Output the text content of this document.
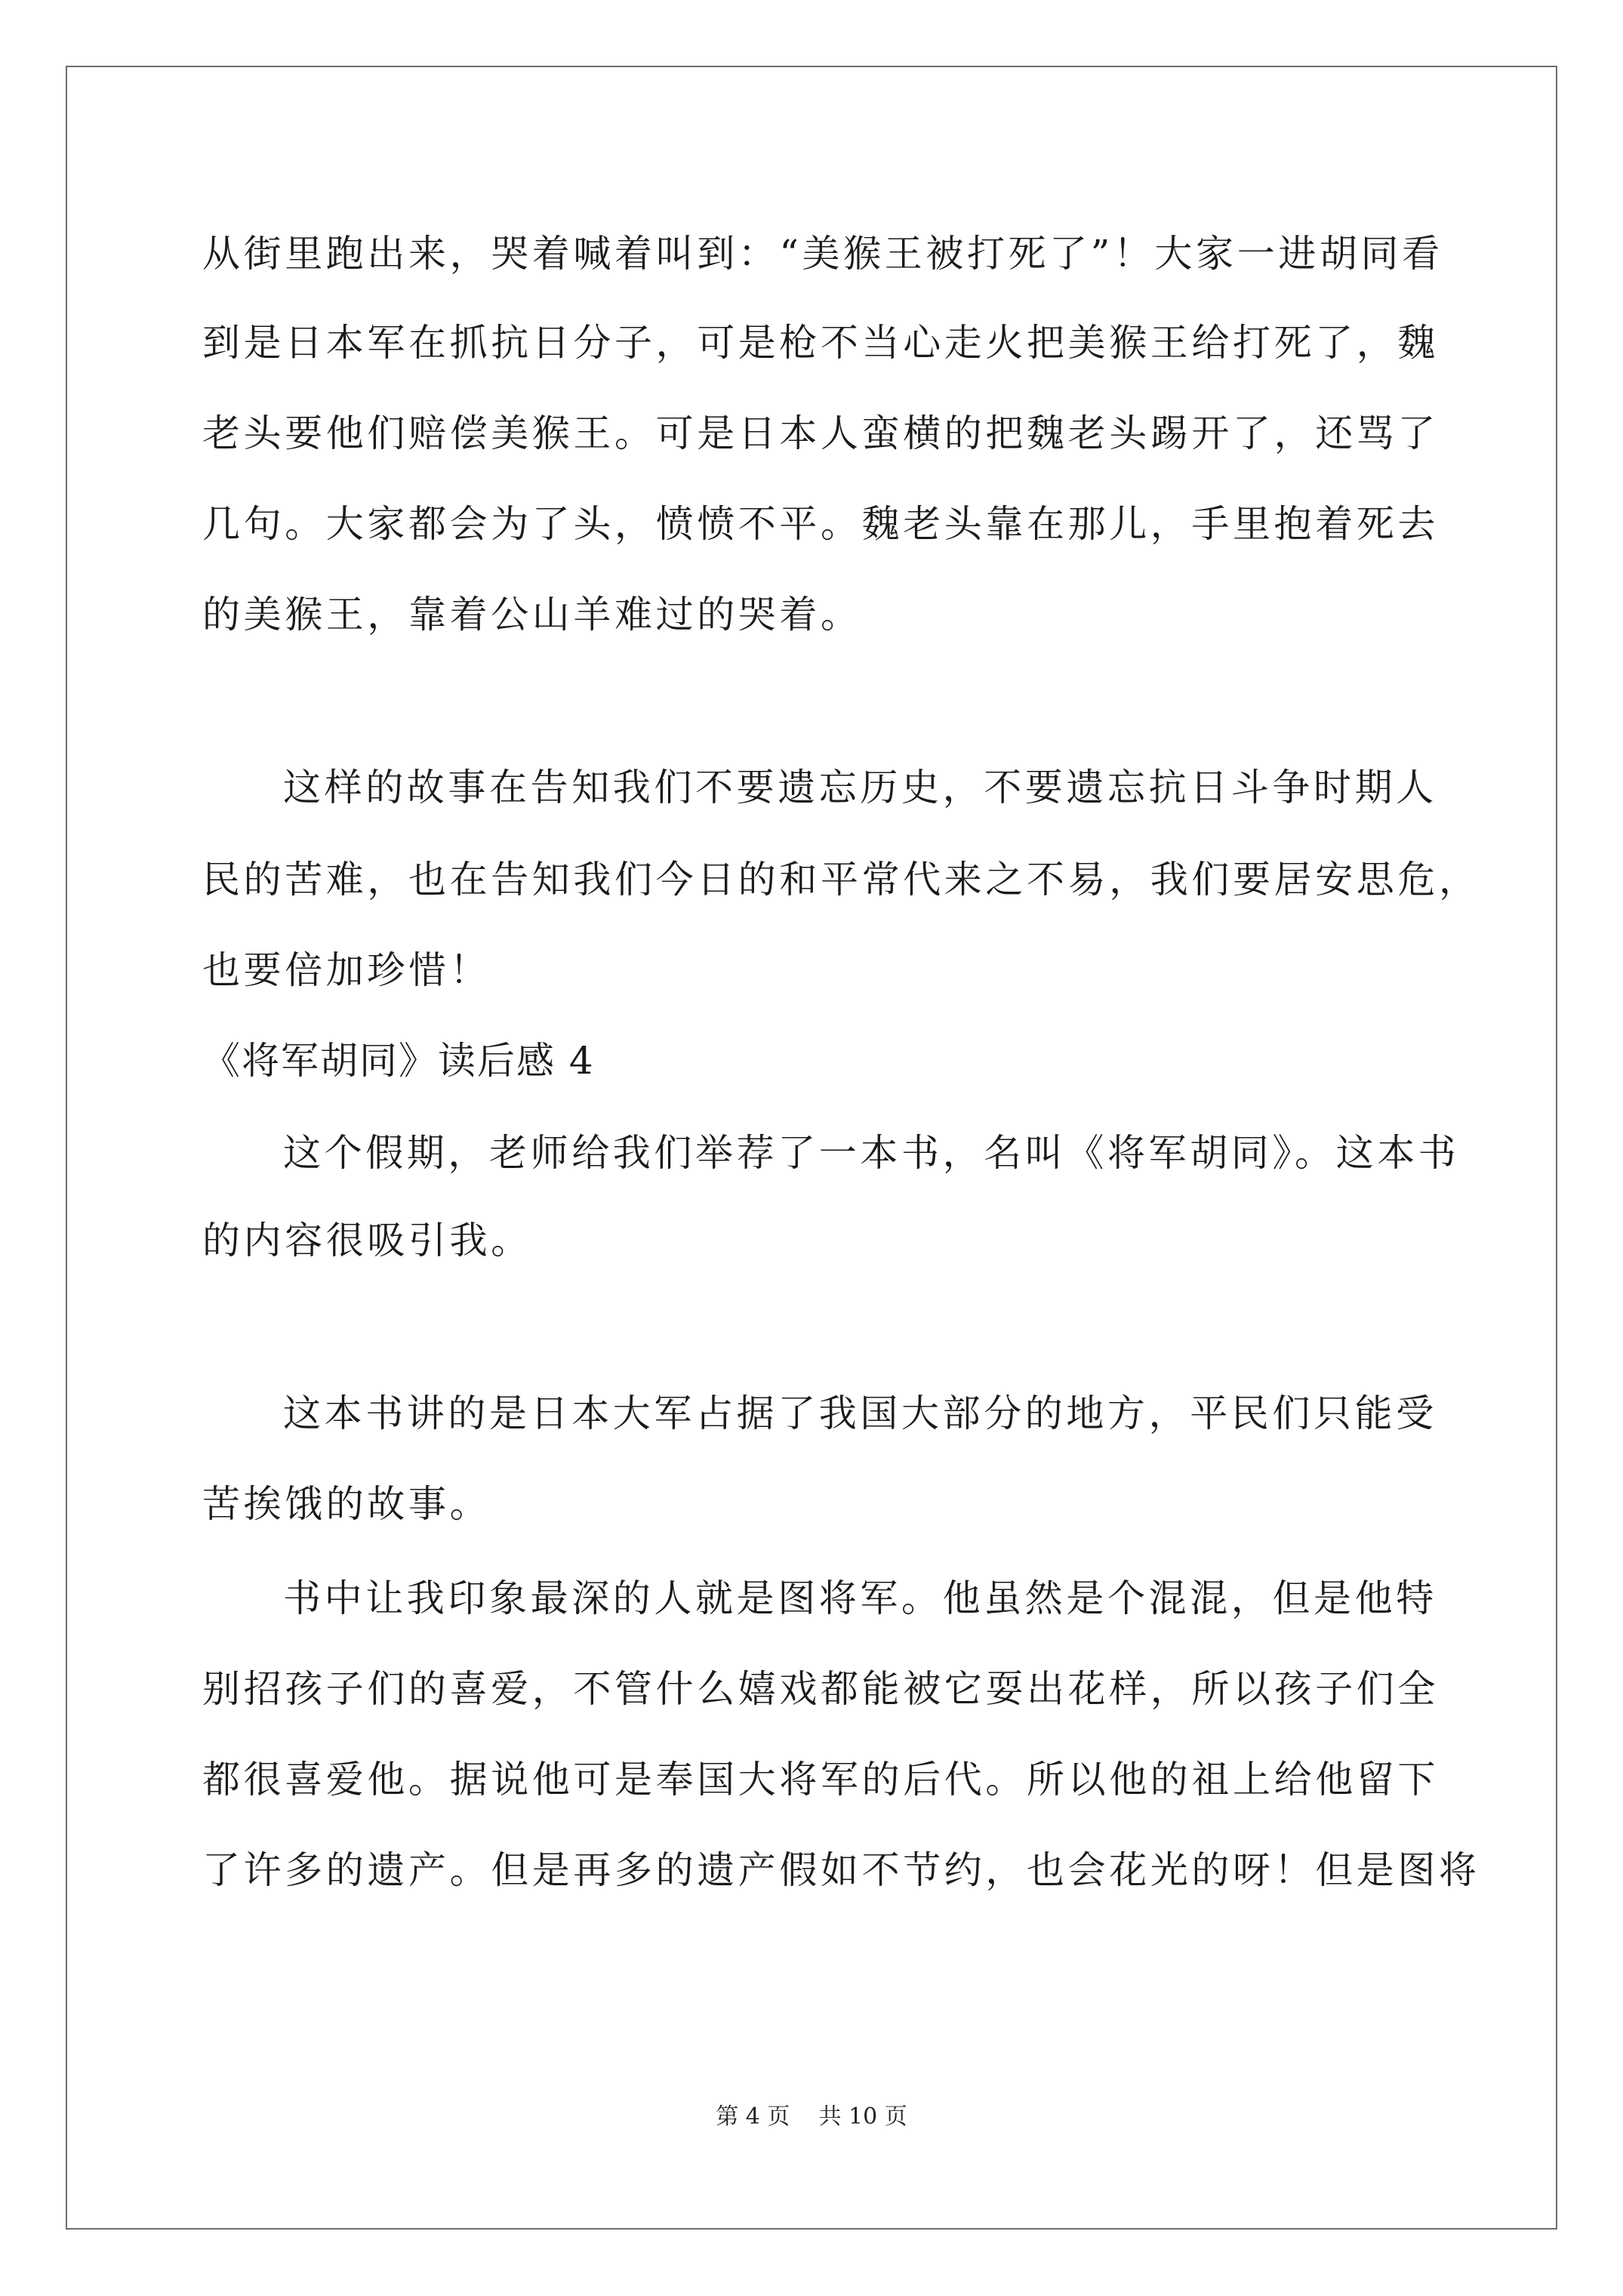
从街里跑出来，哭着喊着叫到：“美猴王被打死了”！大家一进胡同看
到是日本军在抓抗日分子，可是枪不当心走火把美猴王给打死了，魏
老头要他们赔偿美猴王。可是日本人蛮横的把魏老头踢开了，还骂了
几句。大家都会为了头，愤愤不平。魏老头靠在那儿，手里抱着死去
的美猴王，靠着公山羊难过的哭着。
这样的故事在告知我们不要遗忘历史，不要遗忘抗日斗争时期人
民的苦难，也在告知我们今日的和平常代来之不易，我们要居安思危，
也要倍加珍惜！
《将军胡同》读后感 4
这个假期，老师给我们举荐了一本书，名叫《将军胡同》。这本书
的内容很吸引我。
这本书讲的是日本大军占据了我国大部分的地方，平民们只能受
苦挨饿的故事。
书中让我印象最深的人就是图将军。他虽然是个混混，但是他特
别招孩子们的喜爱，不管什么嬉戏都能被它耍出花样，所以孩子们全
都很喜爱他。据说他可是奉国大将军的后代。所以他的祖上给他留下
了许多的遗产。但是再多的遗产假如不节约，也会花光的呀！但是图将
第 4 页    共 10 页
